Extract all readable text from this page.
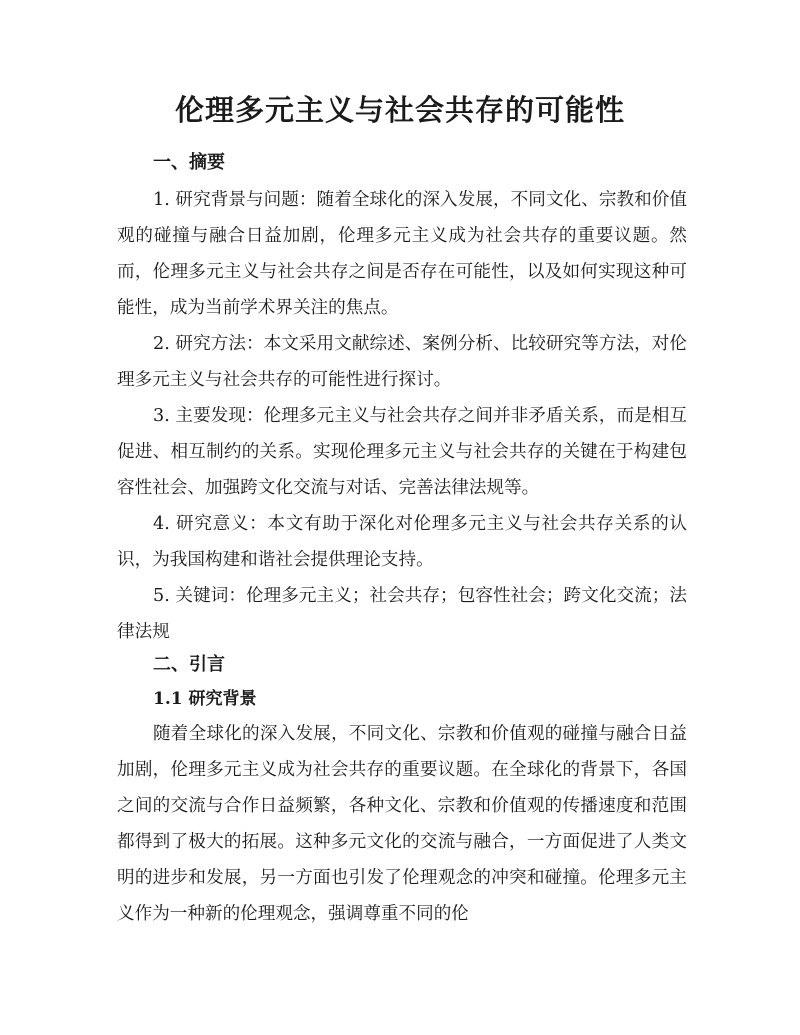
伦理多元主义与社会共存的可能性
一、摘要

1. 研究背景与问题：随着全球化的深入发展，不同文化、宗教和价值观的碰撞与融合日益加剧，伦理多元主义成为社会共存的重要议题。然而，伦理多元主义与社会共存之间是否存在可能性，以及如何实现这种可能性，成为当前学术界关注的焦点。

2. 研究方法：本文采用文献综述、案例分析、比较研究等方法，对伦理多元主义与社会共存的可能性进行探讨。

3. 主要发现：伦理多元主义与社会共存之间并非矛盾关系，而是相互促进、相互制约的关系。实现伦理多元主义与社会共存的关键在于构建包容性社会、加强跨文化交流与对话、完善法律法规等。

4. 研究意义：本文有助于深化对伦理多元主义与社会共存关系的认识，为我国构建和谐社会提供理论支持。

5. 关键词：伦理多元主义；社会共存；包容性社会；跨文化交流；法律法规

二、引言
1.1 研究背景

随着全球化的深入发展，不同文化、宗教和价值观的碰撞与融合日益加剧，伦理多元主义成为社会共存的重要议题。在全球化的背景下，各国之间的交流与合作日益频繁，各种文化、宗教和价值观的传播速度和范围都得到了极大的拓展。这种多元文化的交流与融合，一方面促进了人类文明的进步和发展，另一方面也引发了伦理观念的冲突和碰撞。伦理多元主义作为一种新的伦理观念，强调尊重不同的伦
